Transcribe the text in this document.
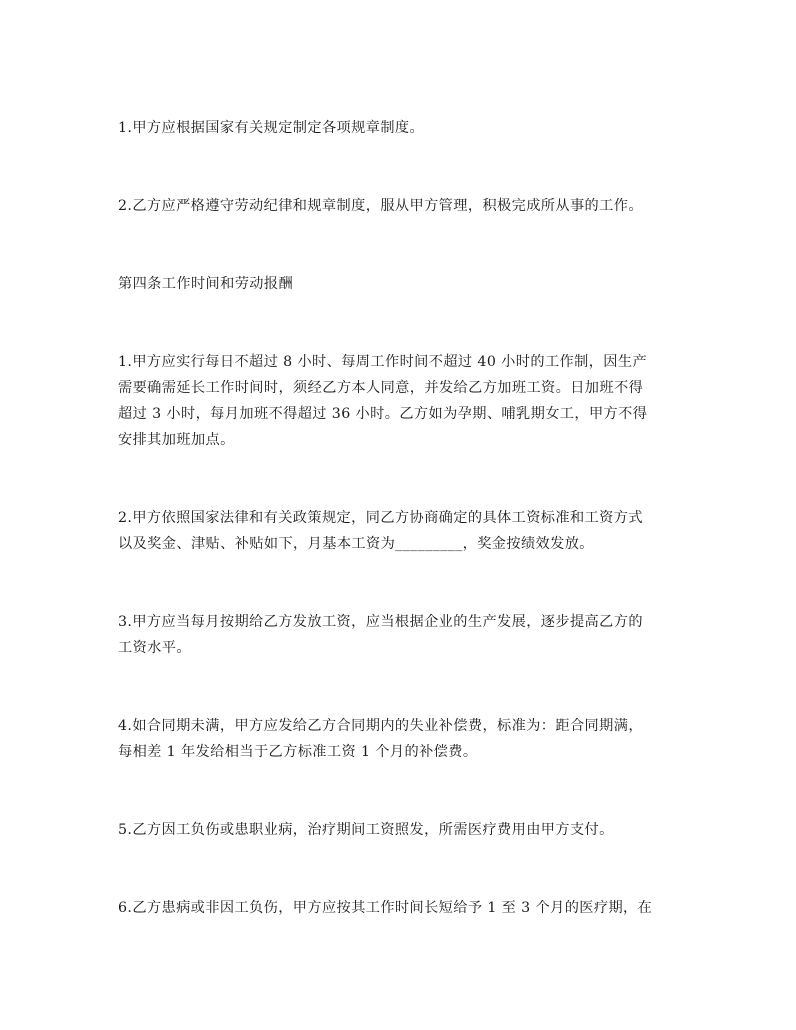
1.甲方应根据国家有关规定制定各项规章制度。

2.乙方应严格遵守劳动纪律和规章制度，服从甲方管理，积极完成所从事的工作。

第四条工作时间和劳动报酬

1.甲方应实行每日不超过 8 小时、每周工作时间不超过 40 小时的工作制，因生产
需要确需延长工作时间时，须经乙方本人同意，并发给乙方加班工资。日加班不得
超过 3 小时，每月加班不得超过 36 小时。乙方如为孕期、哺乳期女工，甲方不得
安排其加班加点。

2.甲方依照国家法律和有关政策规定，同乙方协商确定的具体工资标准和工资方式
以及奖金、津贴、补贴如下，月基本工资为_________，奖金按绩效发放。

3.甲方应当每月按期给乙方发放工资，应当根据企业的生产发展，逐步提高乙方的
工资水平。

4.如合同期未满，甲方应发给乙方合同期内的失业补偿费，标准为：距合同期满，
每相差 1 年发给相当于乙方标准工资 1 个月的补偿费。

5.乙方因工负伤或患职业病，治疗期间工资照发，所需医疗费用由甲方支付。

6.乙方患病或非因工负伤，甲方应按其工作时间长短给予 1 至 3 个月的医疗期，在
